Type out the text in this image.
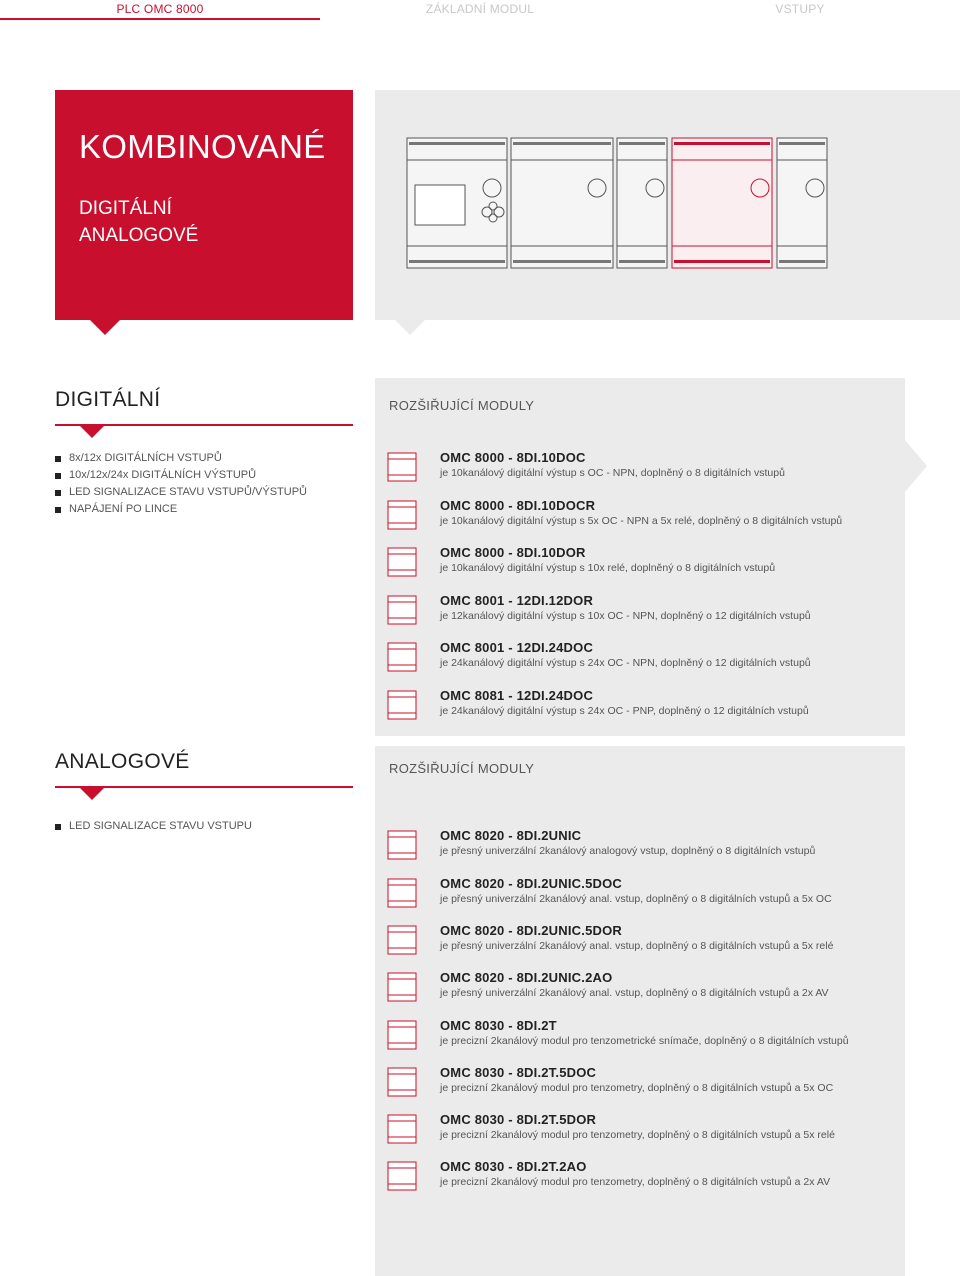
PLC OMC 8000	ZÁKLADNÍ MODUL	VSTUPY
KOMBINOVANÉ
DIGITÁLNÍ
ANALOGOVÉ
DIGITÁLNÍ
8x/12x DIGITÁLNÍCH VSTUPŮ
10x/12x/24x DIGITÁLNÍCH VÝSTUPŮ
LED SIGNALIZACE STAVU VSTUPŮ/VÝSTUPŮ
NAPÁJENÍ PO LINCE
ROZŠIŘUJÍCÍ MODULY
OMC 8000 - 8DI.10DOC
je 10kanálový digitální výstup s OC - NPN, doplněný o 8 digitálních vstupů
OMC 8000 - 8DI.10DOCR
je 10kanálový digitální výstup s 5x OC - NPN a 5x relé, doplněný o 8 digitálních vstupů
OMC 8000 - 8DI.10DOR
je 10kanálový digitální výstup s 10x relé, doplněný o 8 digitálních vstupů
OMC 8001 - 12DI.12DOR
je 12kanálový digitální výstup s 10x OC - NPN, doplněný o 12 digitálních vstupů
OMC 8001 - 12DI.24DOC
je 24kanálový digitální výstup s 24x OC - NPN, doplněný o 12 digitálních vstupů
OMC 8081 - 12DI.24DOC
je 24kanálový digitální výstup s 24x OC - PNP, doplněný o 12 digitálních vstupů
ANALOGOVÉ
LED SIGNALIZACE STAVU VSTUPU
ROZŠIŘUJÍCÍ MODULY
OMC 8020 - 8DI.2UNIC
je přesný univerzální 2kanálový analogový vstup, doplněný o 8 digitálních vstupů
OMC 8020 - 8DI.2UNIC.5DOC
je přesný univerzální 2kanálový anal. vstup, doplněný o 8 digitálních vstupů a 5x OC
OMC 8020 - 8DI.2UNIC.5DOR
je přesný univerzální 2kanálový anal. vstup, doplněný o 8 digitálních vstupů a 5x relé
OMC 8020 - 8DI.2UNIC.2AO
je přesný univerzální 2kanálový anal. vstup, doplněný o 8 digitálních vstupů a 2x AV
OMC 8030 - 8DI.2T
je precizní 2kanálový modul pro tenzometrické snímače, doplněný o 8 digitálních vstupů
OMC 8030 - 8DI.2T.5DOC
je precizní 2kanálový modul pro tenzometry, doplněný o 8 digitálních vstupů a 5x OC
OMC 8030 - 8DI.2T.5DOR
je precizní 2kanálový modul pro tenzometry, doplněný o 8 digitálních vstupů a 5x relé
OMC 8030 - 8DI.2T.2AO
je precizní 2kanálový modul pro tenzometry, doplněný o 8 digitálních vstupů a 2x AV
